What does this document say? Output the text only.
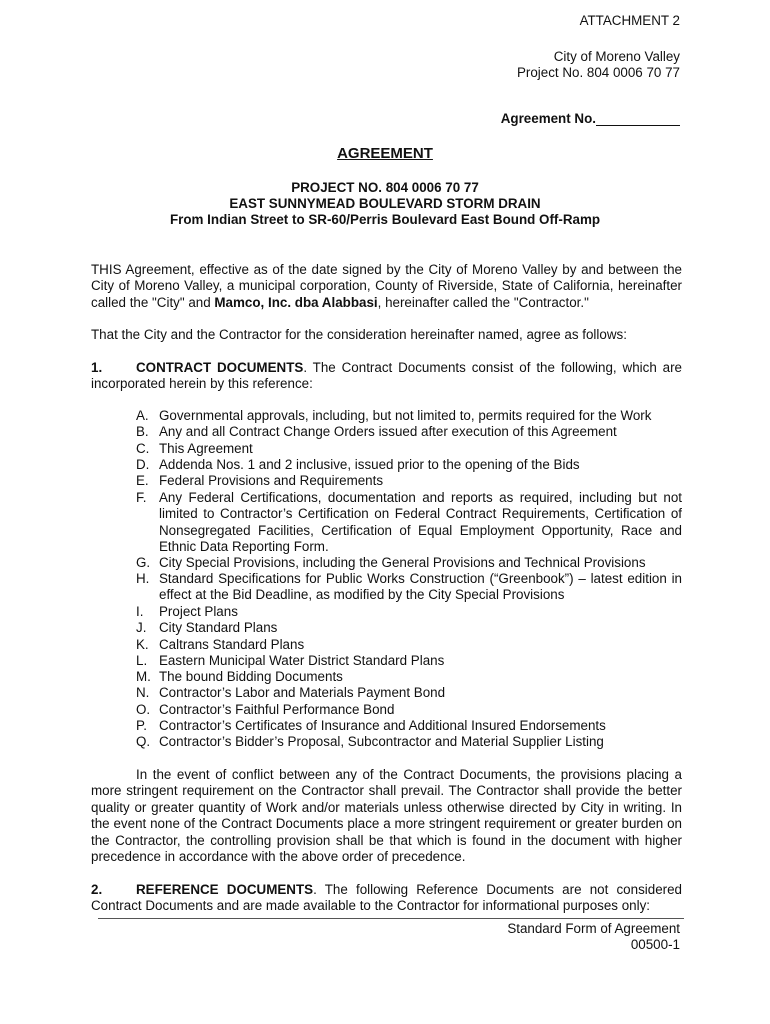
ATTACHMENT 2
City of Moreno Valley
Project No. 804 0006 70 77
Agreement No.
AGREEMENT
PROJECT NO. 804 0006 70 77
EAST SUNNYMEAD BOULEVARD STORM DRAIN
From Indian Street to SR-60/Perris Boulevard East Bound Off-Ramp
THIS Agreement, effective as of the date signed by the City of Moreno Valley by and between the City of Moreno Valley, a municipal corporation, County of Riverside, State of California, hereinafter called the "City" and Mamco, Inc. dba Alabbasi, hereinafter called the "Contractor."
That the City and the Contractor for the consideration hereinafter named, agree as follows:
1.	CONTRACT DOCUMENTS. The Contract Documents consist of the following, which are incorporated herein by this reference:
A. Governmental approvals, including, but not limited to, permits required for the Work
B. Any and all Contract Change Orders issued after execution of this Agreement
C. This Agreement
D. Addenda Nos. 1 and 2 inclusive, issued prior to the opening of the Bids
E. Federal Provisions and Requirements
F. Any Federal Certifications, documentation and reports as required, including but not limited to Contractor’s Certification on Federal Contract Requirements, Certification of Nonsegregated Facilities, Certification of Equal Employment Opportunity, Race and Ethnic Data Reporting Form.
G. City Special Provisions, including the General Provisions and Technical Provisions
H. Standard Specifications for Public Works Construction (“Greenbook”) – latest edition in effect at the Bid Deadline, as modified by the City Special Provisions
I.	Project Plans
J. City Standard Plans
K. Caltrans Standard Plans
L. Eastern Municipal Water District Standard Plans
M. The bound Bidding Documents
N. Contractor’s Labor and Materials Payment Bond
O. Contractor’s Faithful Performance Bond
P. Contractor’s Certificates of Insurance and Additional Insured Endorsements
Q. Contractor’s Bidder’s Proposal, Subcontractor and Material Supplier Listing
In the event of conflict between any of the Contract Documents, the provisions placing a more stringent requirement on the Contractor shall prevail. The Contractor shall provide the better quality or greater quantity of Work and/or materials unless otherwise directed by City in writing. In the event none of the Contract Documents place a more stringent requirement or greater burden on the Contractor, the controlling provision shall be that which is found in the document with higher precedence in accordance with the above order of precedence.
2.	REFERENCE DOCUMENTS. The following Reference Documents are not considered Contract Documents and are made available to the Contractor for informational purposes only:
Standard Form of Agreement
00500-1
